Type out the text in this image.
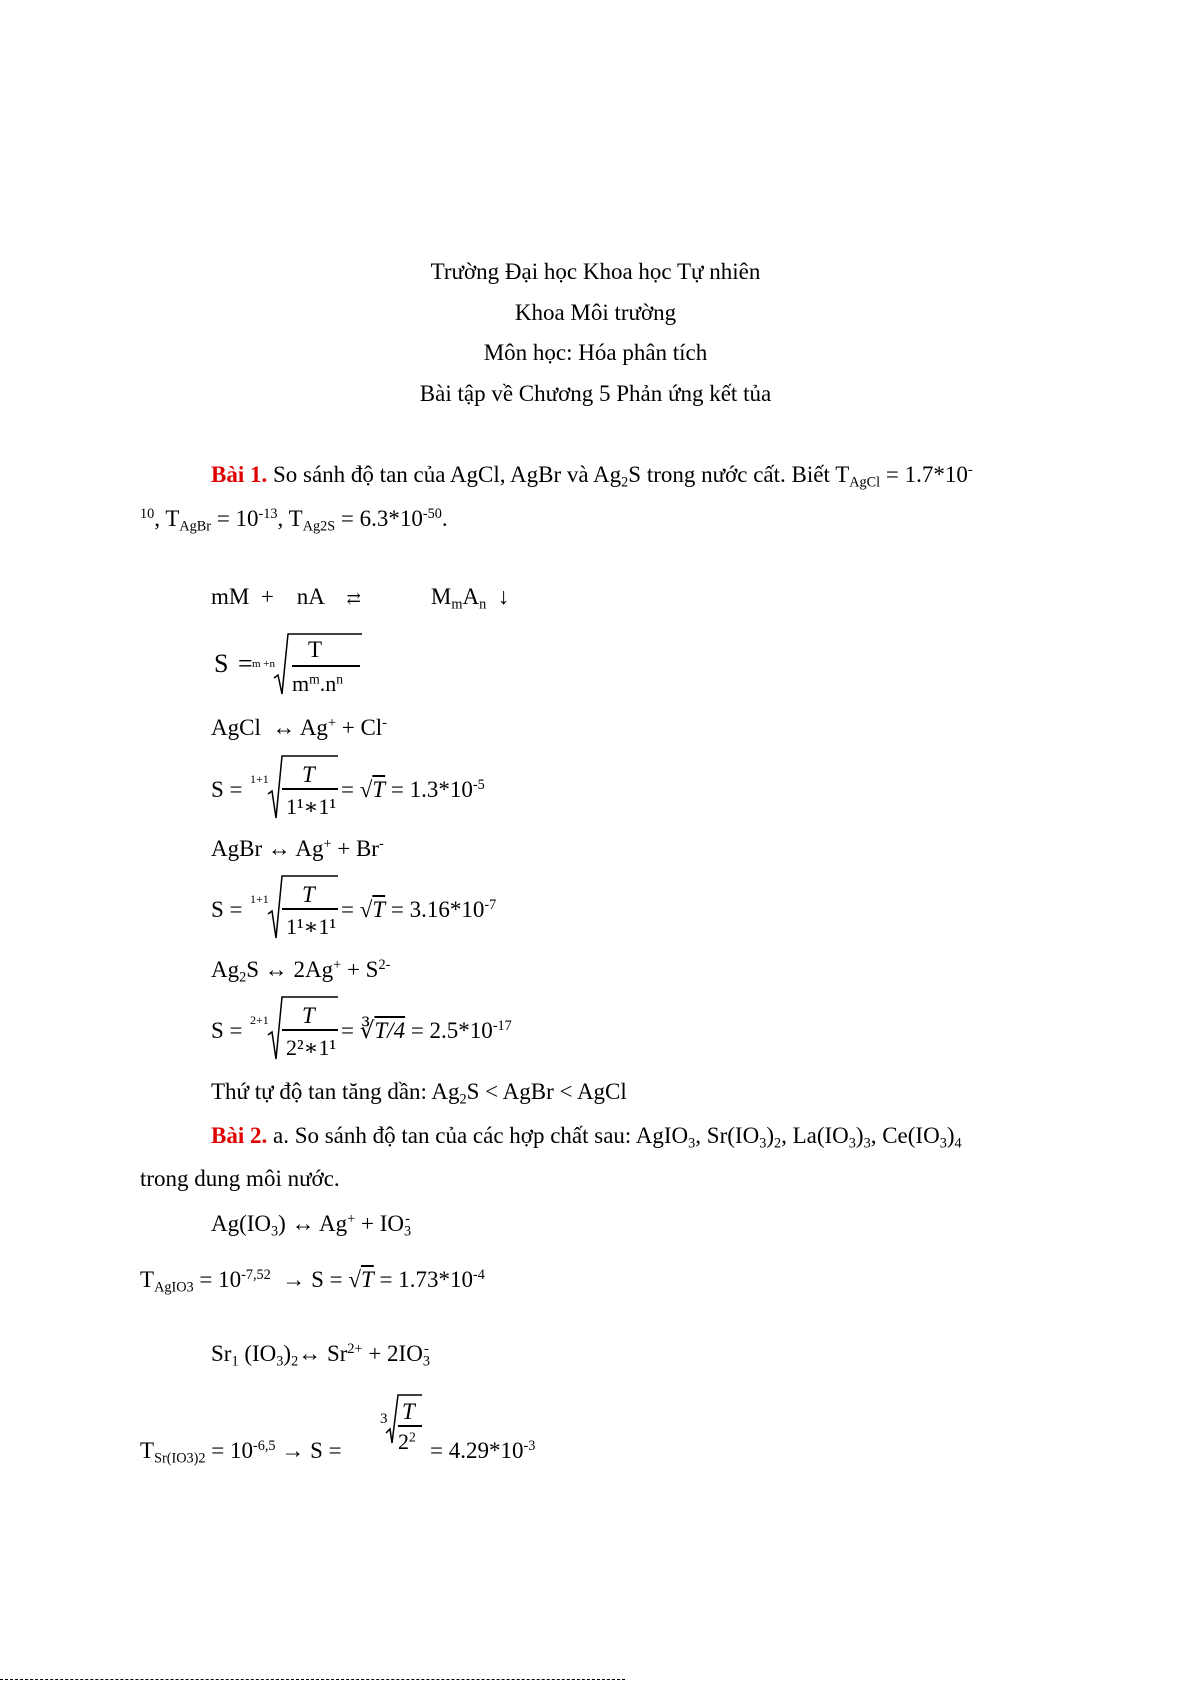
Trường Đại học Khoa học Tự nhiên
Khoa Môi trường
Môn học: Hóa phân tích
Bài tập về Chương 5 Phản ứng kết tủa
Bài 1. So sánh độ tan của AgCl, AgBr và $Ag_2S$ trong nước cất. Biết $T_{AgCl} = 1.7*10^-$
$^{10}$, $T_{AgBr} = 10^{-13}$, $T_{Ag2S} = 6.3*10^{-50}$.
mM  +    nA    ⇄	$M_mA_n$  ↓
S = m +n
T
$m^m.n^n$
AgCl  ↔ Ag+ + Cl-
S = 1+1 T
1¹∗1¹
= $√T = 1.3*10^{-5}$
AgBr ↔ Ag+ + Br-
S = 1+1 T
1¹∗1¹
= $√T = 3.16*10^{-7}$
$Ag_2S$ ↔ $2Ag^+ + S^{2-}$
S = 2+1 T
2²∗1¹
= ∛T/4 = $2.5*10^{-17}$
Thứ tự độ tan tăng dần: $Ag_2S$ < AgBr < AgCl
Bài 2. a. So sánh độ tan của các hợp chất sau: AgIO$_3$, $Sr(IO_3)_2$, $La(IO_3)_3$, $Ce(IO_3)_4$
trong dung môi nước.
$Ag(IO_3)$ ↔ $Ag^+ + IO_3^-$
$T_{AgIO3} = 10^{-7,52} \to S = √T = 1.73*10^{-4}$
$Sr_1$ $(IO_3)_2\leftrightarrow$ $Sr^{2+} + 2IO_3^-$
$T_{Sr(IO3)2} = 10^{-6,5} \to S$ =
3 T
$2^2$
= $4.29*10^{-3}$
